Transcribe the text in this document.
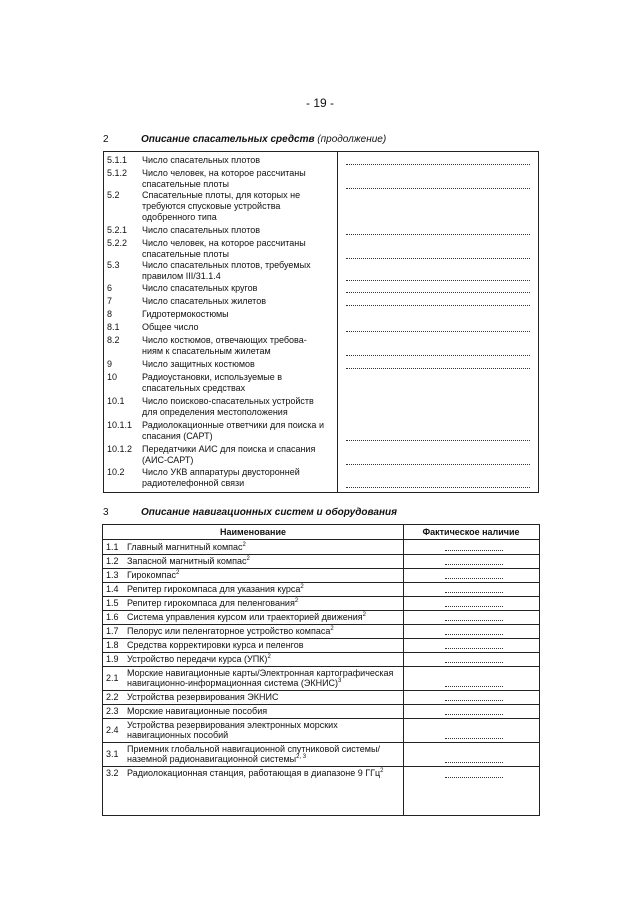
- 19 -
2	Описание спасательных средств (продолжение)
5.1.1 Число спасательных плотов
5.1.2 Число человек, на которое рассчитаны
спасательные плоты
5.2 Спасательные плоты, для которых не
требуются спусковые устройства
одобренного типа
5.2.1 Число спасательных плотов
5.2.2 Число человек, на которое рассчитаны
спасательные плоты
5.3 Число спасательных плотов, требуемых
правилом III/31.1.4
6	Число спасательных кругов
7	Число спасательных жилетов
8	Гидротермокостюмы
8.1 Общее число
8.2 Число костюмов, отвечающих требова-
ниям к спасательным жилетам
9	Число защитных костюмов
10	Радиоустановки, используемые в
спасательных средствах
10.1 Число поисково-спасательных устройств
для определения местоположения
10.1.1 Радиолокационные ответчики для поиска и
спасания (САРТ)
10.1.2 Передатчики АИС для поиска и спасания
(АИС-САРТ)
10.2 Число УКВ аппаратуры двусторонней
радиотелефонной связи
3	Описание навигационных систем и оборудования
Наименование	Фактическое наличие
1.1 Главный магнитный компас$^2$
1.2 Запасной магнитный компас$^2$
1.3 Гирокомпас$^2$
1.4 Репитер гирокомпаса для указания курса$^2$
1.5 Репитер гирокомпаса для пеленгования$^2$
1.6 Система управления курсом или траекторией движения$^2$
1.7 Пелорус или пеленгаторное устройство компаса$^2$
1.8 Средства корректировки курса и пеленгов
1.9 Устройство передачи курса (УПК)$^2$
2.1 Морские навигационные карты/Электронная картографическая
навигационно-информационная система (ЭКНИС)$^3$
2.2 Устройства резервирования ЭКНИС
2.3 Морские навигационные пособия
2.4 Устройства резервирования электронных морских
навигационных пособий
3.1 Приемник глобальной навигационной спутниковой системы/
наземной радионавигационной системы$^{2, 3}$
3.2 Радиолокационная станция, работающая в диапазоне 9 ГГц$^2$
